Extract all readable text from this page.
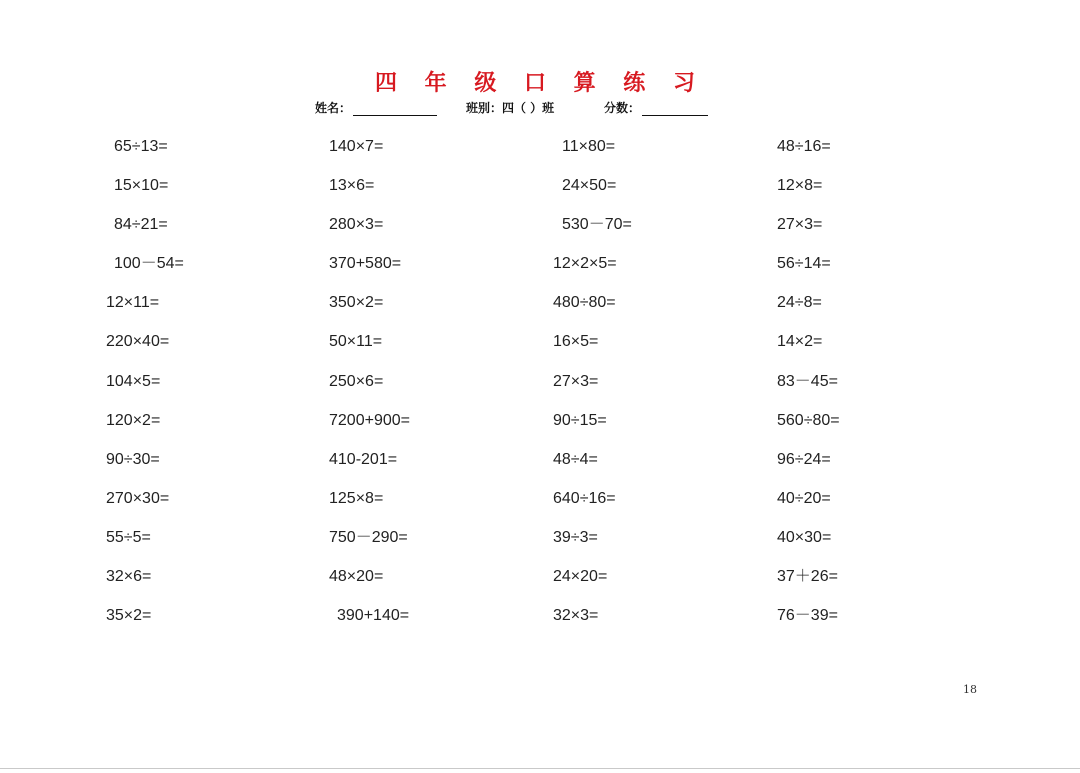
四 年 级 口 算 练 习
姓名：	班别：四（ ）班	分数：
65÷13=
15×10=
84÷21=
100－54=
12×11=
220×40=
104×5=
120×2=
90÷30=
270×30=
55÷5=
32×6=
35×2=
140×7=
13×6=
280×3=
370+580=
350×2=
50×11=
250×6=
7200+900=
410-201=
125×8=
750－290=
48×20=
390+140=
11×80=
24×50=
530－70=
12×2×5=
480÷80=
16×5=
27×3=
90÷15=
48÷4=
640÷16=
39÷3=
24×20=
32×3=
48÷16=
12×8=
27×3=
56÷14=
24÷8=
14×2=
83－45=
560÷80=
96÷24=
40÷20=
40×30=
37＋26=
76－39=
18
